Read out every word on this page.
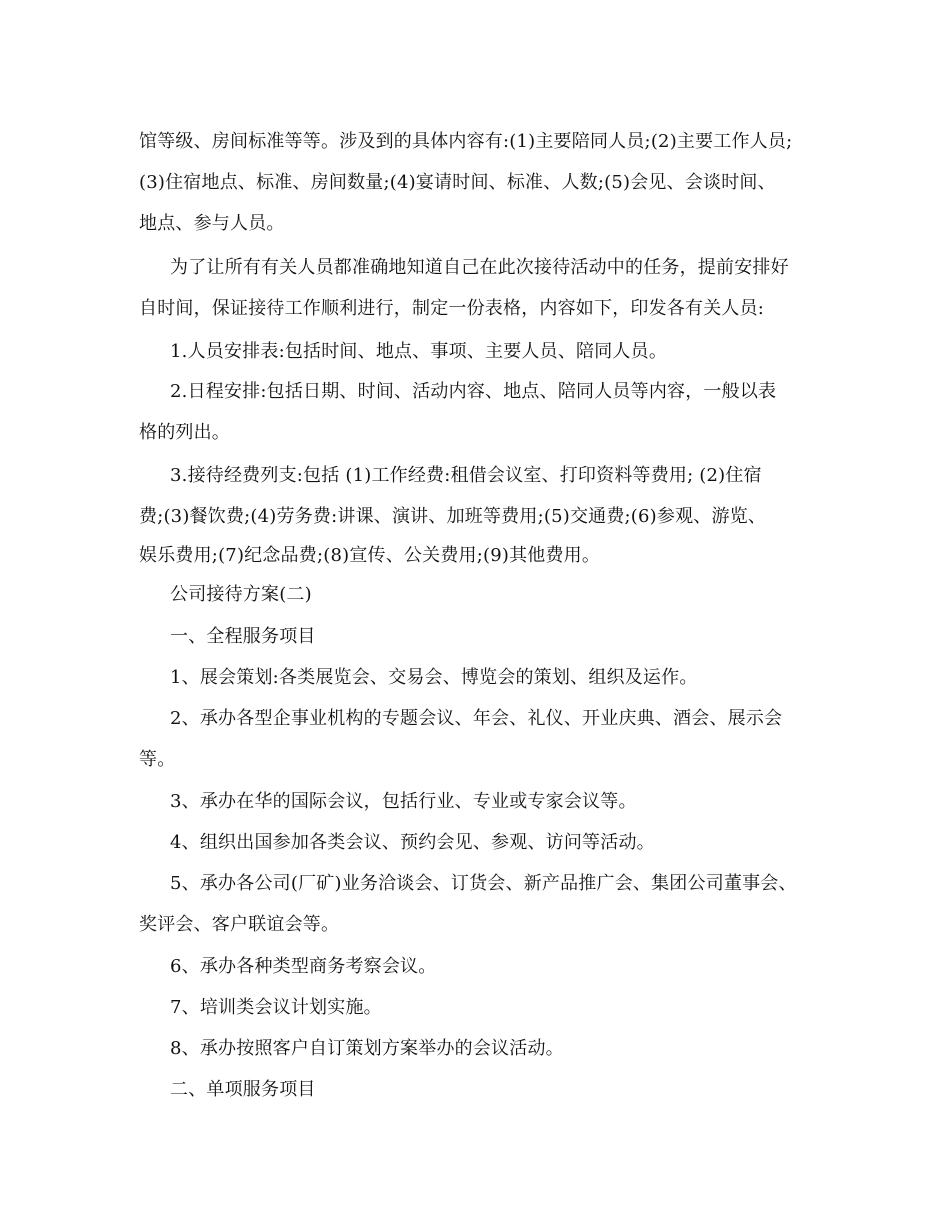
馆等级、房间标准等等。涉及到的具体内容有:(1)主要陪同人员;(2)主要工作人员;
(3)住宿地点、标准、房间数量;(4)宴请时间、标准、人数;(5)会见、会谈时间、
地点、参与人员。
为了让所有有关人员都准确地知道自己在此次接待活动中的任务，提前安排好
自时间，保证接待工作顺利进行，制定一份表格，内容如下，印发各有关人员:
1.人员安排表:包括时间、地点、事项、主要人员、陪同人员。
2.日程安排:包括日期、时间、活动内容、地点、陪同人员等内容，一般以表
格的列出。
3.接待经费列支:包括 (1)工作经费:租借会议室、打印资料等费用; (2)住宿
费;(3)餐饮费;(4)劳务费:讲课、演讲、加班等费用;(5)交通费;(6)参观、游览、
娱乐费用;(7)纪念品费;(8)宣传、公关费用;(9)其他费用。
公司接待方案(二)
一、全程服务项目
1、展会策划:各类展览会、交易会、博览会的策划、组织及运作。
2、承办各型企事业机构的专题会议、年会、礼仪、开业庆典、酒会、展示会
等。
3、承办在华的国际会议，包括行业、专业或专家会议等。
4、组织出国参加各类会议、预约会见、参观、访问等活动。
5、承办各公司(厂矿)业务洽谈会、订货会、新产品推广会、集团公司董事会、
奖评会、客户联谊会等。
6、承办各种类型商务考察会议。
7、培训类会议计划实施。
8、承办按照客户自订策划方案举办的会议活动。
二、单项服务项目
